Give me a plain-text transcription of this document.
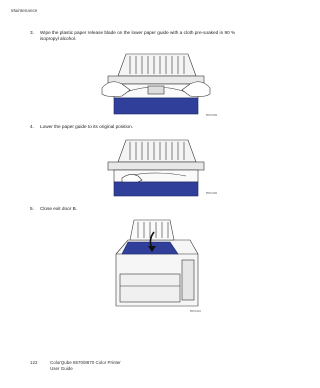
Maintenance
3. Wipe the plastic paper release blade on the lower paper guide with a cloth pre-soaked in 90 % isopropyl alcohol.
8570-083
4. Lower the paper guide to its original position.
8570-084
5. Close exit door B.
8570-010
122	ColorQube 8570/8870 Color Printer
User Guide
